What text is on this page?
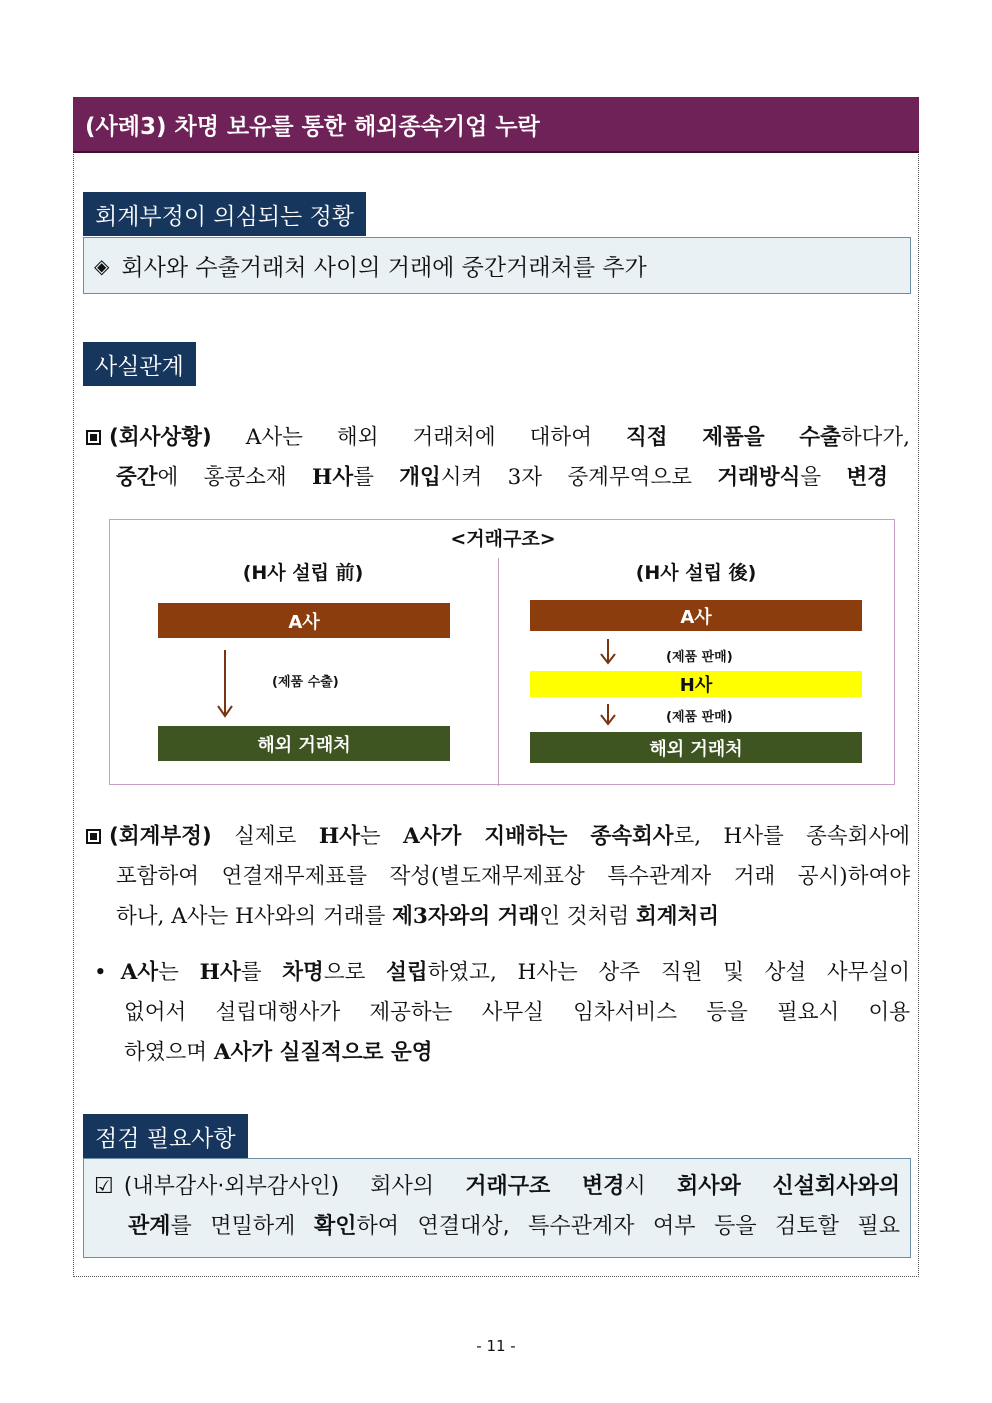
(사례3) 차명 보유를 통한 해외종속기업 누락
회계부정이 의심되는 정황
◈ 회사와 수출거래처 사이의 거래에 중간거래처를 추가
사실관계
(회사상황) A사는 해외 거래처에 대하여 직접 제품을 수출하다가,
중간에 홍콩소재 H사를 개입시켜 3자 중계무역으로 거래방식을 변경
<거래구조>
(H사 설립 前)
A사
(제품 수출)
해외 거래처
(H사 설립 後)
A사
(제품 판매)
H사
(제품 판매)
해외 거래처
(회계부정) 실제로 H사는 A사가 지배하는 종속회사로, H사를 종속회사에
포함하여 연결재무제표를 작성(별도재무제표상 특수관계자 거래 공시)하여야
하나, A사는 H사와의 거래를 제3자와의 거래인 것처럼 회계처리
• A사는 H사를 차명으로 설립하였고, H사는 상주 직원 및 상설 사무실이
없어서 설립대행사가 제공하는 사무실 임차서비스 등을 필요시 이용
하였으며 A사가 실질적으로 운영
점검 필요사항
☑ (내부감사·외부감사인) 회사의 거래구조 변경시 회사와 신설회사와의
관계를 면밀하게 확인하여 연결대상, 특수관계자 여부 등을 검토할 필요
- 11 -
